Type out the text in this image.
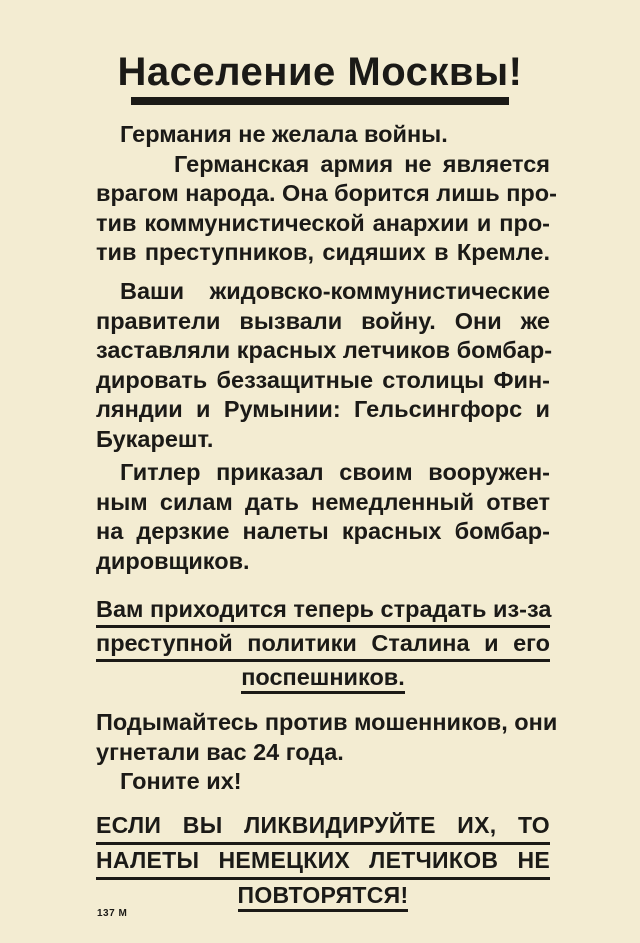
Население Москвы!
Германия не желала войны.
Германская армия не является
врагом народа. Она борится лишь про-
тив коммунистической анархии и про-
тив преступников, сидяших в Кремле.
Ваши жидовско-коммунистические
правители вызвали войну. Они же
заставляли красных летчиков бомбар-
дировать беззащитные столицы Фин-
ляндии и Румынии: Гельсингфорс и
Букарешт.
Гитлер приказал своим вооружен-
ным силам дать немедленный ответ
на дерзкие налеты красных бомбар-
дировщиков.
Вам приходится теперь страдать из-за
преступной политики Сталина и его
поспешников.
Подымайтесь против мошенников, они
угнетали вас 24 года.
Гоните их!
ЕСЛИ ВЫ ЛИКВИДИРУЙТЕ ИХ, ТО
НАЛЕТЫ НЕМЕЦКИХ ЛЕТЧИКОВ НЕ
ПОВТОРЯТСЯ!
137 М
